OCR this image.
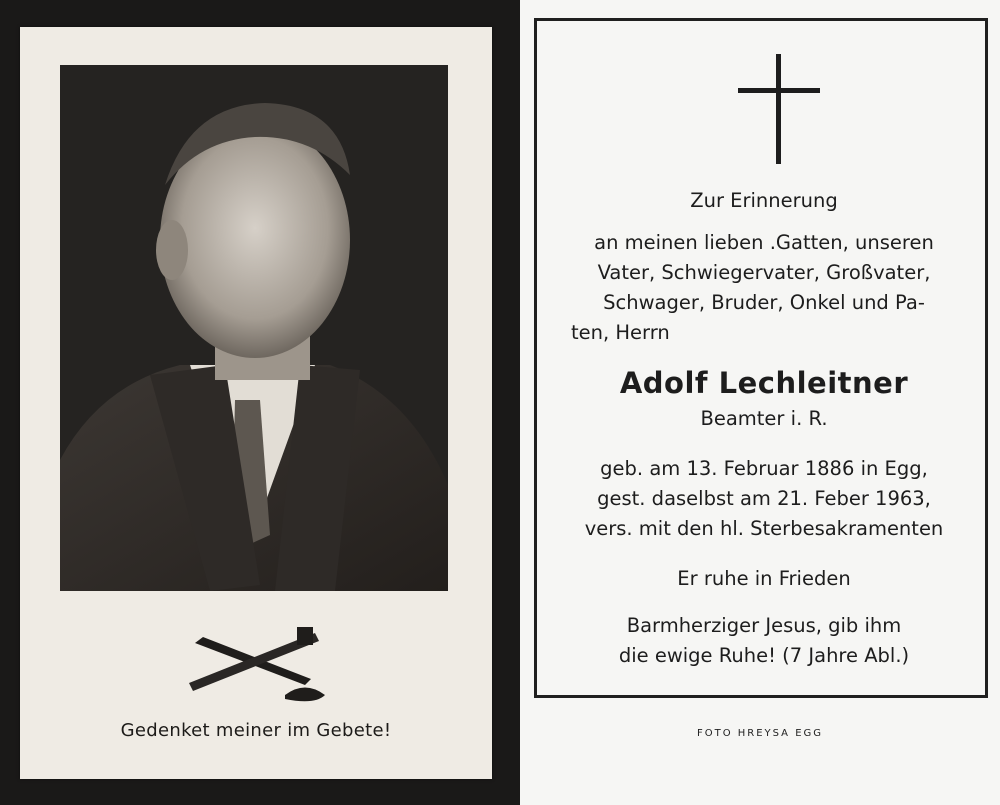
Gedenket meiner im Gebete!
Zur Erinnerung
an meinen lieben .Gatten, unseren
Vater, Schwiegervater, Großvater,
Schwager, Bruder, Onkel und Pa-
ten, Herrn
Adolf Lechleitner
Beamter i. R.
geb. am 13. Februar 1886 in Egg,
gest. daselbst am 21. Feber 1963,
vers. mit den hl. Sterbesakramenten
Er ruhe in Frieden
Barmherziger Jesus, gib ihm
die ewige Ruhe! (7 Jahre Abl.)
FOTO HREYSA EGG
